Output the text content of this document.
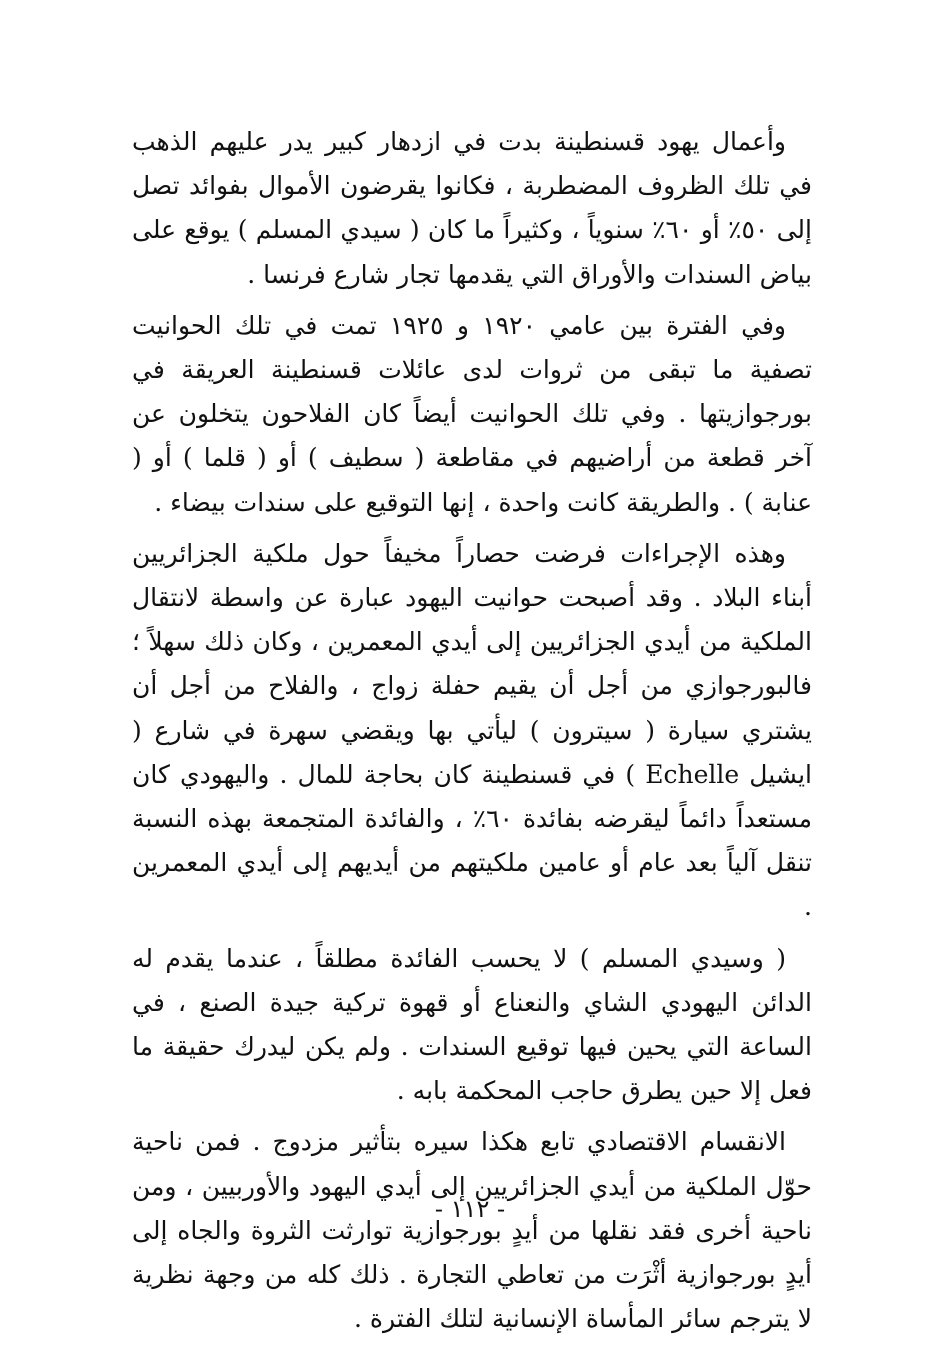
وأعمال يهود قسنطينة بدت في ازدهار كبير يدر عليهم الذهب في تلك الظروف المضطربة ، فكانوا يقرضون الأموال بفوائد تصل إلى ٥٠٪ أو ٦٠٪ سنوياً ، وكثيراً ما كان ( سيدي المسلم ) يوقع على بياض السندات والأوراق التي يقدمها تجار شارع فرنسا .

وفي الفترة بين عامي ١٩٢٠ و ١٩٢٥ تمت في تلك الحوانيت تصفية ما تبقى من ثروات لدى عائلات قسنطينة العريقة في بورجوازيتها . وفي تلك الحوانيت أيضاً كان الفلاحون يتخلون عن آخر قطعة من أراضيهم في مقاطعة ( سطيف ) أو ( قلما ) أو ( عنابة ) . والطريقة كانت واحدة ، إنها التوقيع على سندات بيضاء .

وهذه الإجراءات فرضت حصاراً مخيفاً حول ملكية الجزائريين أبناء البلاد . وقد أصبحت حوانيت اليهود عبارة عن واسطة لانتقال الملكية من أيدي الجزائريين إلى أيدي المعمرين ، وكان ذلك سهلاً ؛ فالبورجوازي من أجل أن يقيم حفلة زواج ، والفلاح من أجل أن يشتري سيارة ( سيترون ) ليأتي بها ويقضي سهرة في شارع ( ايشيل Echelle ) في قسنطينة كان بحاجة للمال . واليهودي كان مستعداً دائماً ليقرضه بفائدة ٦٠٪ ، والفائدة المتجمعة بهذه النسبة تنقل آلياً بعد عام أو عامين ملكيتهم من أيديهم إلى أيدي المعمرين .

( وسيدي المسلم ) لا يحسب الفائدة مطلقاً ، عندما يقدم له الدائن اليهودي الشاي والنعناع أو قهوة تركية جيدة الصنع ، في الساعة التي يحين فيها توقيع السندات . ولم يكن ليدرك حقيقة ما فعل إلا حين يطرق حاجب المحكمة بابه .

الانقسام الاقتصادي تابع هكذا سيره بتأثير مزدوج . فمن ناحية حوّل الملكية من أيدي الجزائريين إلى أيدي اليهود والأوربيين ، ومن ناحية أخرى فقد نقلها من أيدٍ بورجوازية توارثت الثروة والجاه إلى أيدٍ بورجوازية أثْرَت من تعاطي التجارة . ذلك كله من وجهة نظرية لا يترجم سائر المأساة الإنسانية لتلك الفترة .

- ١١٢ -
